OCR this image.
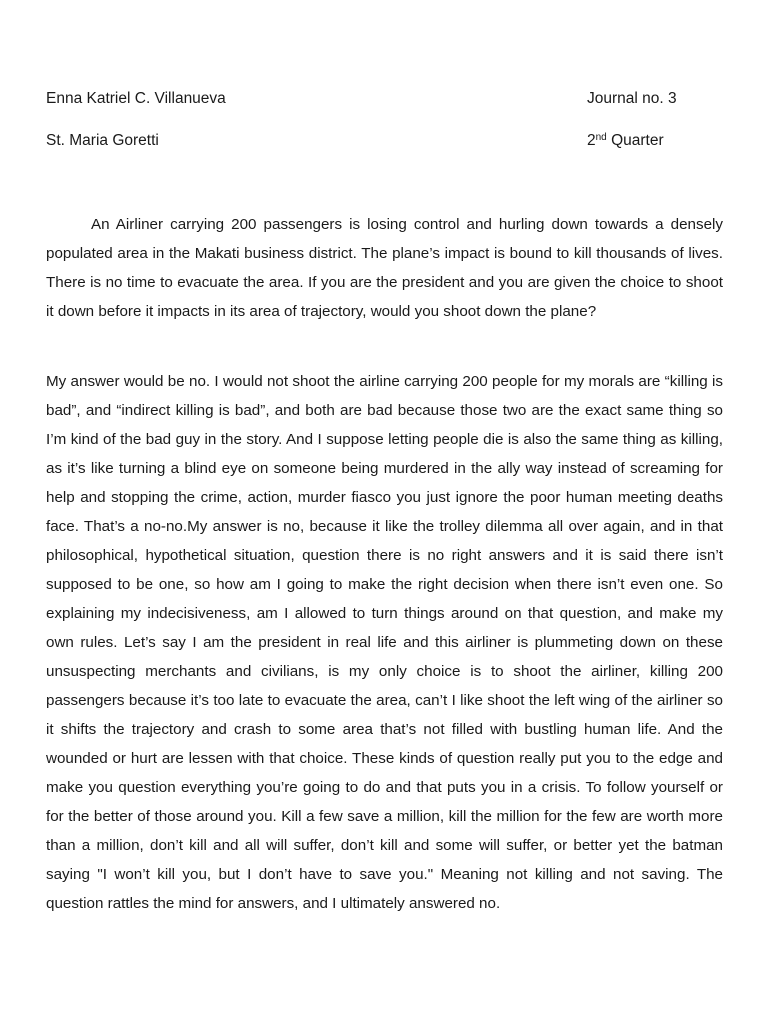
Enna Katriel C. Villanueva	Journal no. 3
St. Maria Goretti	2nd Quarter

An Airliner carrying 200 passengers is losing control and hurling down towards a densely populated area in the Makati business district. The plane’s impact is bound to kill thousands of lives. There is no time to evacuate the area. If you are the president and you are given the choice to shoot it down before it impacts in its area of trajectory, would you shoot down the plane?

My answer would be no. I would not shoot the airline carrying 200 people for my morals are “killing is bad”, and “indirect killing is bad”, and both are bad because those two are the exact same thing so I’m kind of the bad guy in the story. And I suppose letting people die is also the same thing as killing, as it’s like turning a blind eye on someone being murdered in the ally way instead of screaming for help and stopping the crime, action, murder fiasco you just ignore the poor human meeting deaths face. That’s a no-no.My answer is no, because it like the trolley dilemma all over again, and in that philosophical, hypothetical situation, question there is no right answers and it is said there isn’t supposed to be one, so how am I going to make the right decision when there isn’t even one. So explaining my indecisiveness, am I allowed to turn things around on that question, and make my own rules. Let’s say I am the president in real life and this airliner is plummeting down on these unsuspecting merchants and civilians, is my only choice is to shoot the airliner, killing 200 passengers because it’s too late to evacuate the area, can’t I like shoot the left wing of the airliner so it shifts the trajectory and crash to some area that’s not filled with bustling human life. And the wounded or hurt are lessen with that choice. These kinds of question really put you to the edge and make you question everything you’re going to do and that puts you in a crisis. To follow yourself or for the better of those around you. Kill a few save a million, kill the million for the few are worth more than a million, don’t kill and all will suffer, don’t kill and some will suffer, or better yet the batman saying "I won’t kill you, but I don’t have to save you." Meaning not killing and not saving. The question rattles the mind for answers, and I ultimately answered no.
